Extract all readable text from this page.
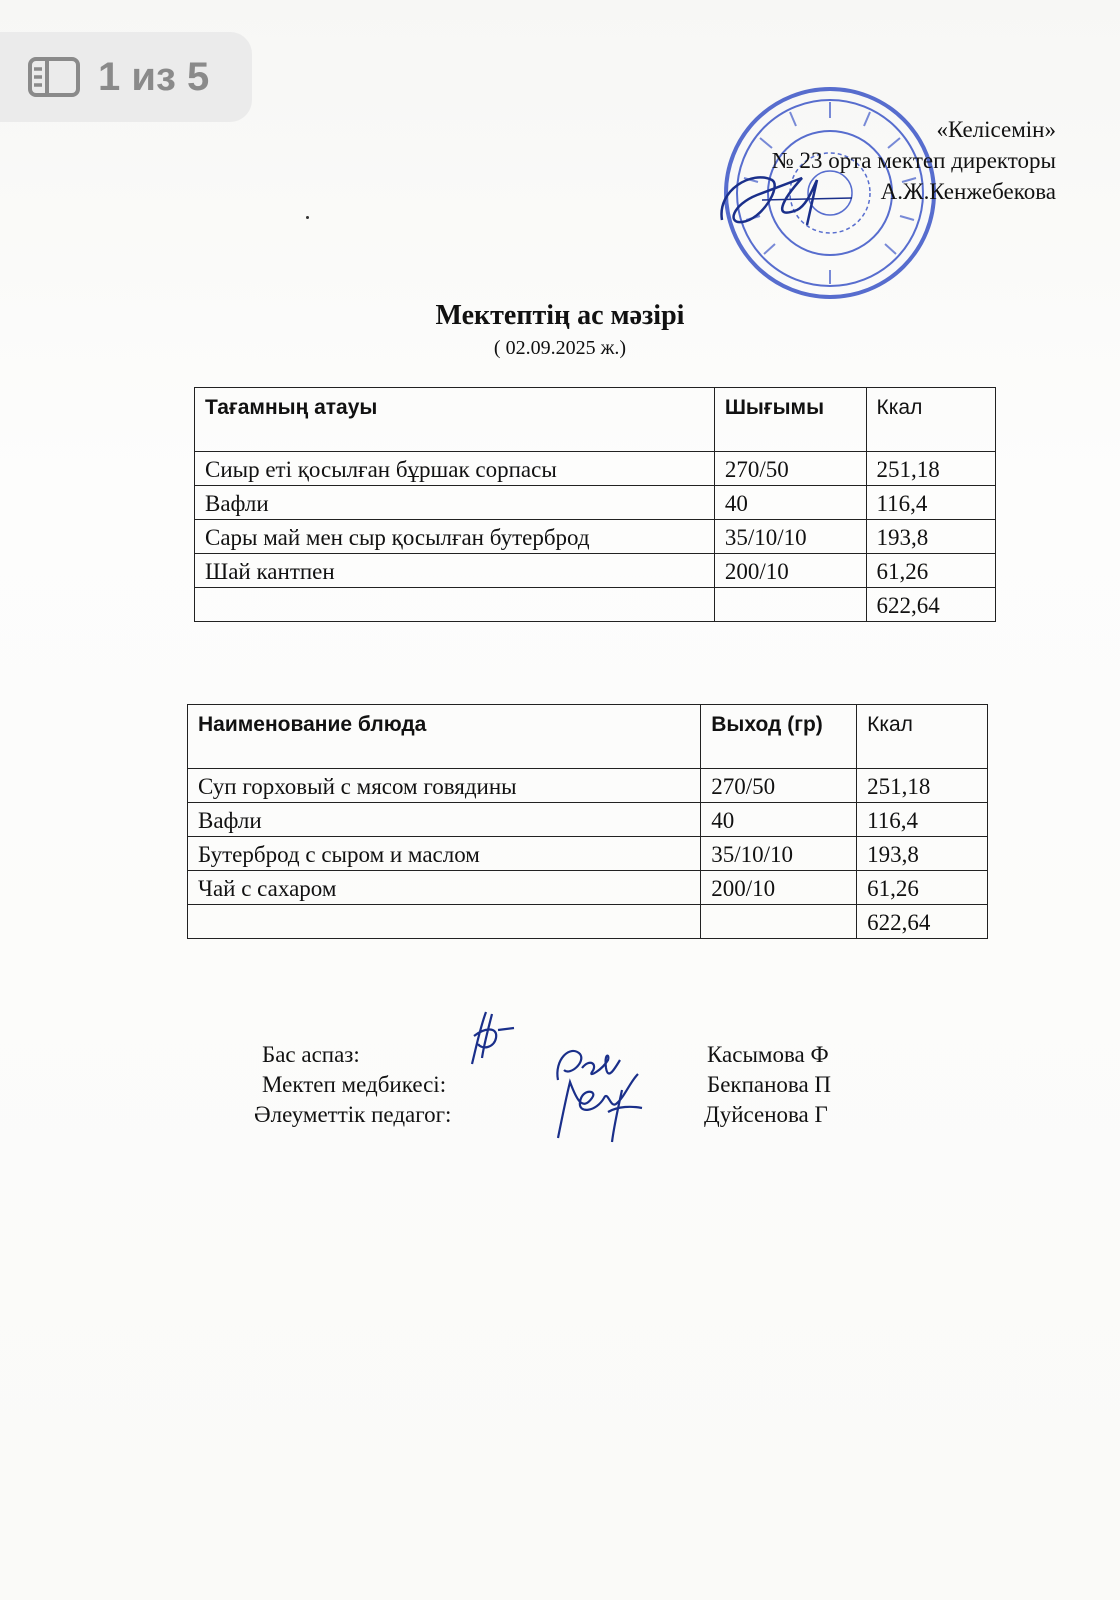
1 из 5
«Келісемін»
№ 23 орта мектеп директоры
А.Ж.Кенжебекова
Мектептің ас мәзірі
( 02.09.2025 ж.)
Тағамның атауы	Шығымы	Ккал
Сиыр еті қосылған бұршак сорпасы	270/50	251,18
Вафли	40	116,4
Сары май мен сыр қосылған бутерброд	35/10/10	193,8
Шай кантпен	200/10	61,26
		622,64
Наименование блюда	Выход (гр)	Ккал
Суп горховый с мясом говядины	270/50	251,18
Вафли	40	116,4
Бутерброд с сыром и маслом	35/10/10	193,8
Чай с сахаром	200/10	61,26
		622,64
Бас аспаз:
Мектеп медбикесі:
Әлеуметтік педагог:
Касымова Ф
Бекпанова П
Дуйсенова Г
